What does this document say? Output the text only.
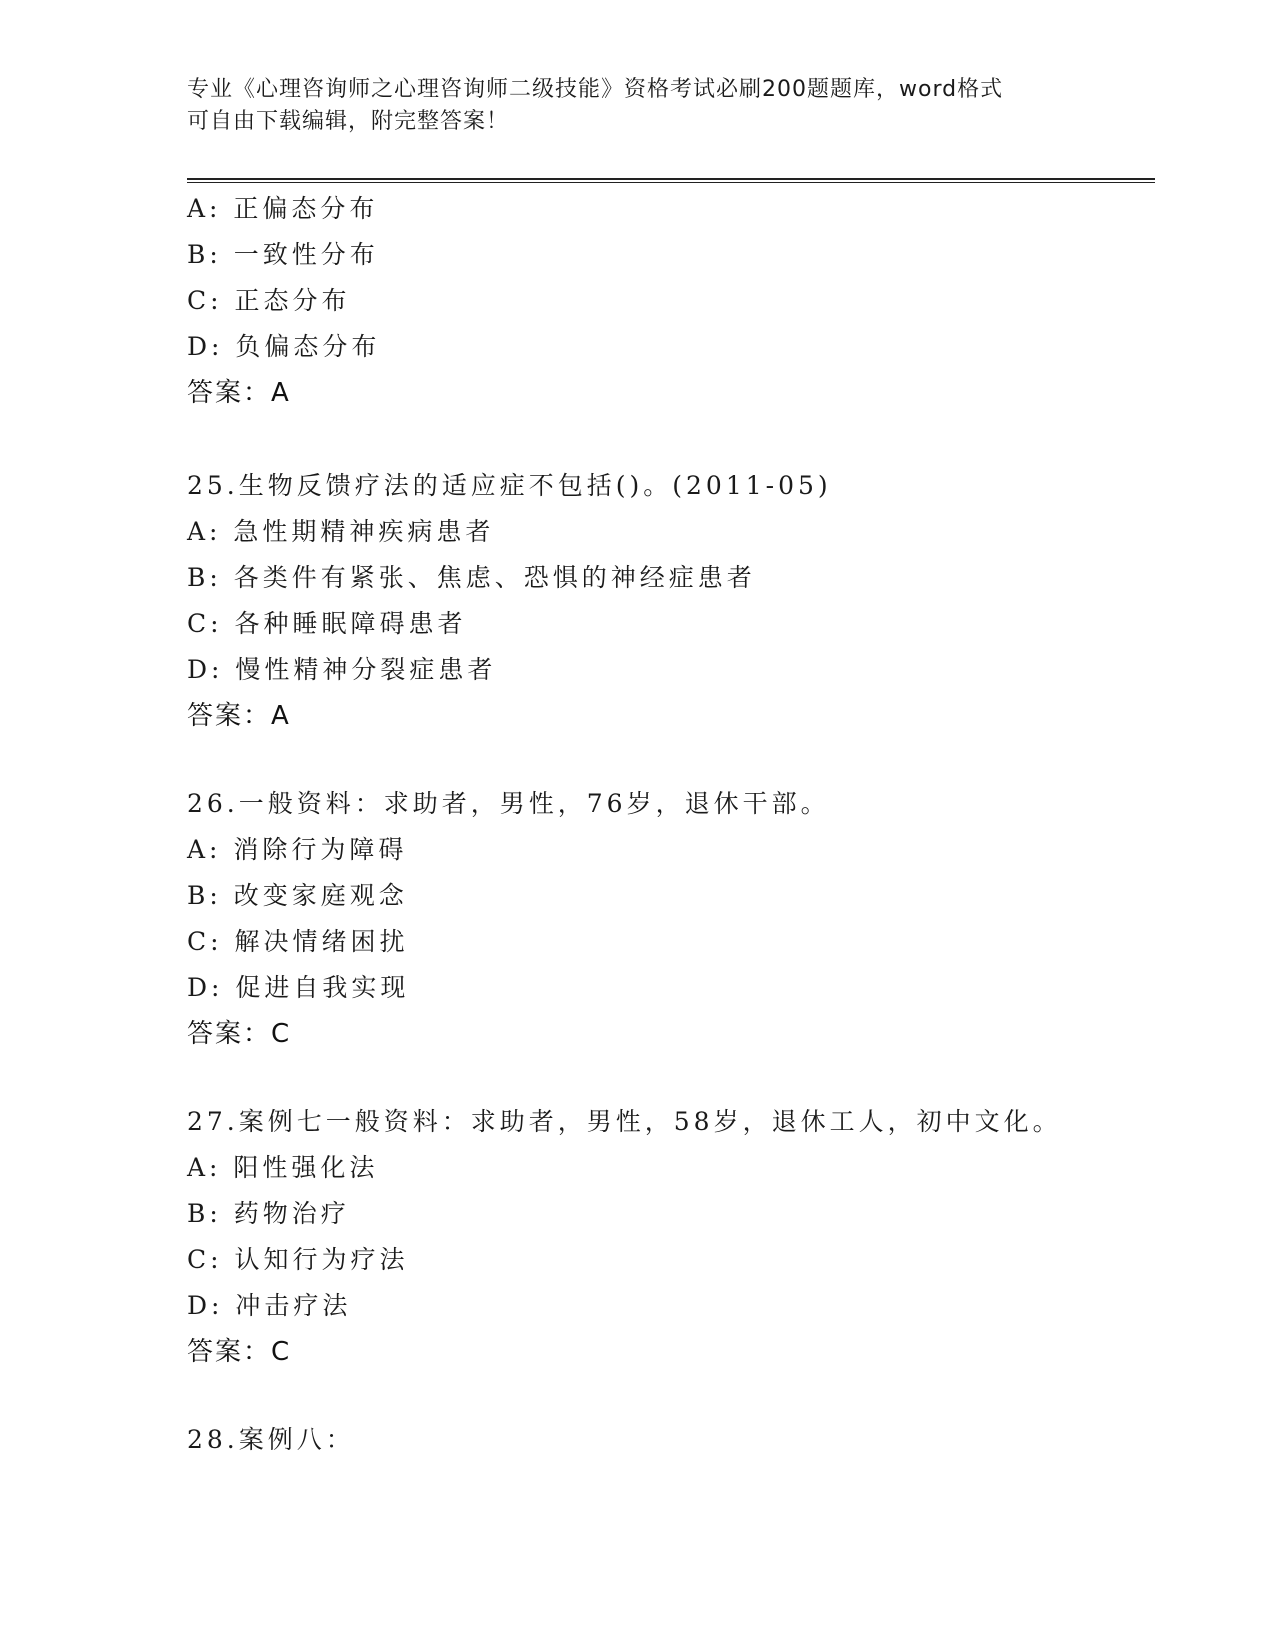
专业《心理咨询师之心理咨询师二级技能》资格考试必刷200题题库，word格式
可自由下载编辑，附完整答案！
A: 正偏态分布
B: 一致性分布
C: 正态分布
D: 负偏态分布
答案：A
25.生物反馈疗法的适应症不包括()。(2011-05)
A: 急性期精神疾病患者
B: 各类件有紧张、焦虑、恐惧的神经症患者
C: 各种睡眠障碍患者
D: 慢性精神分裂症患者
答案：A
26.一般资料：求助者，男性，76岁，退休干部。
A: 消除行为障碍
B: 改变家庭观念
C: 解决情绪困扰
D: 促进自我实现
答案：C
27.案例七一般资料：求助者，男性，58岁，退休工人，初中文化。
A: 阳性强化法
B: 药物治疗
C: 认知行为疗法
D: 冲击疗法
答案：C
28.案例八：
